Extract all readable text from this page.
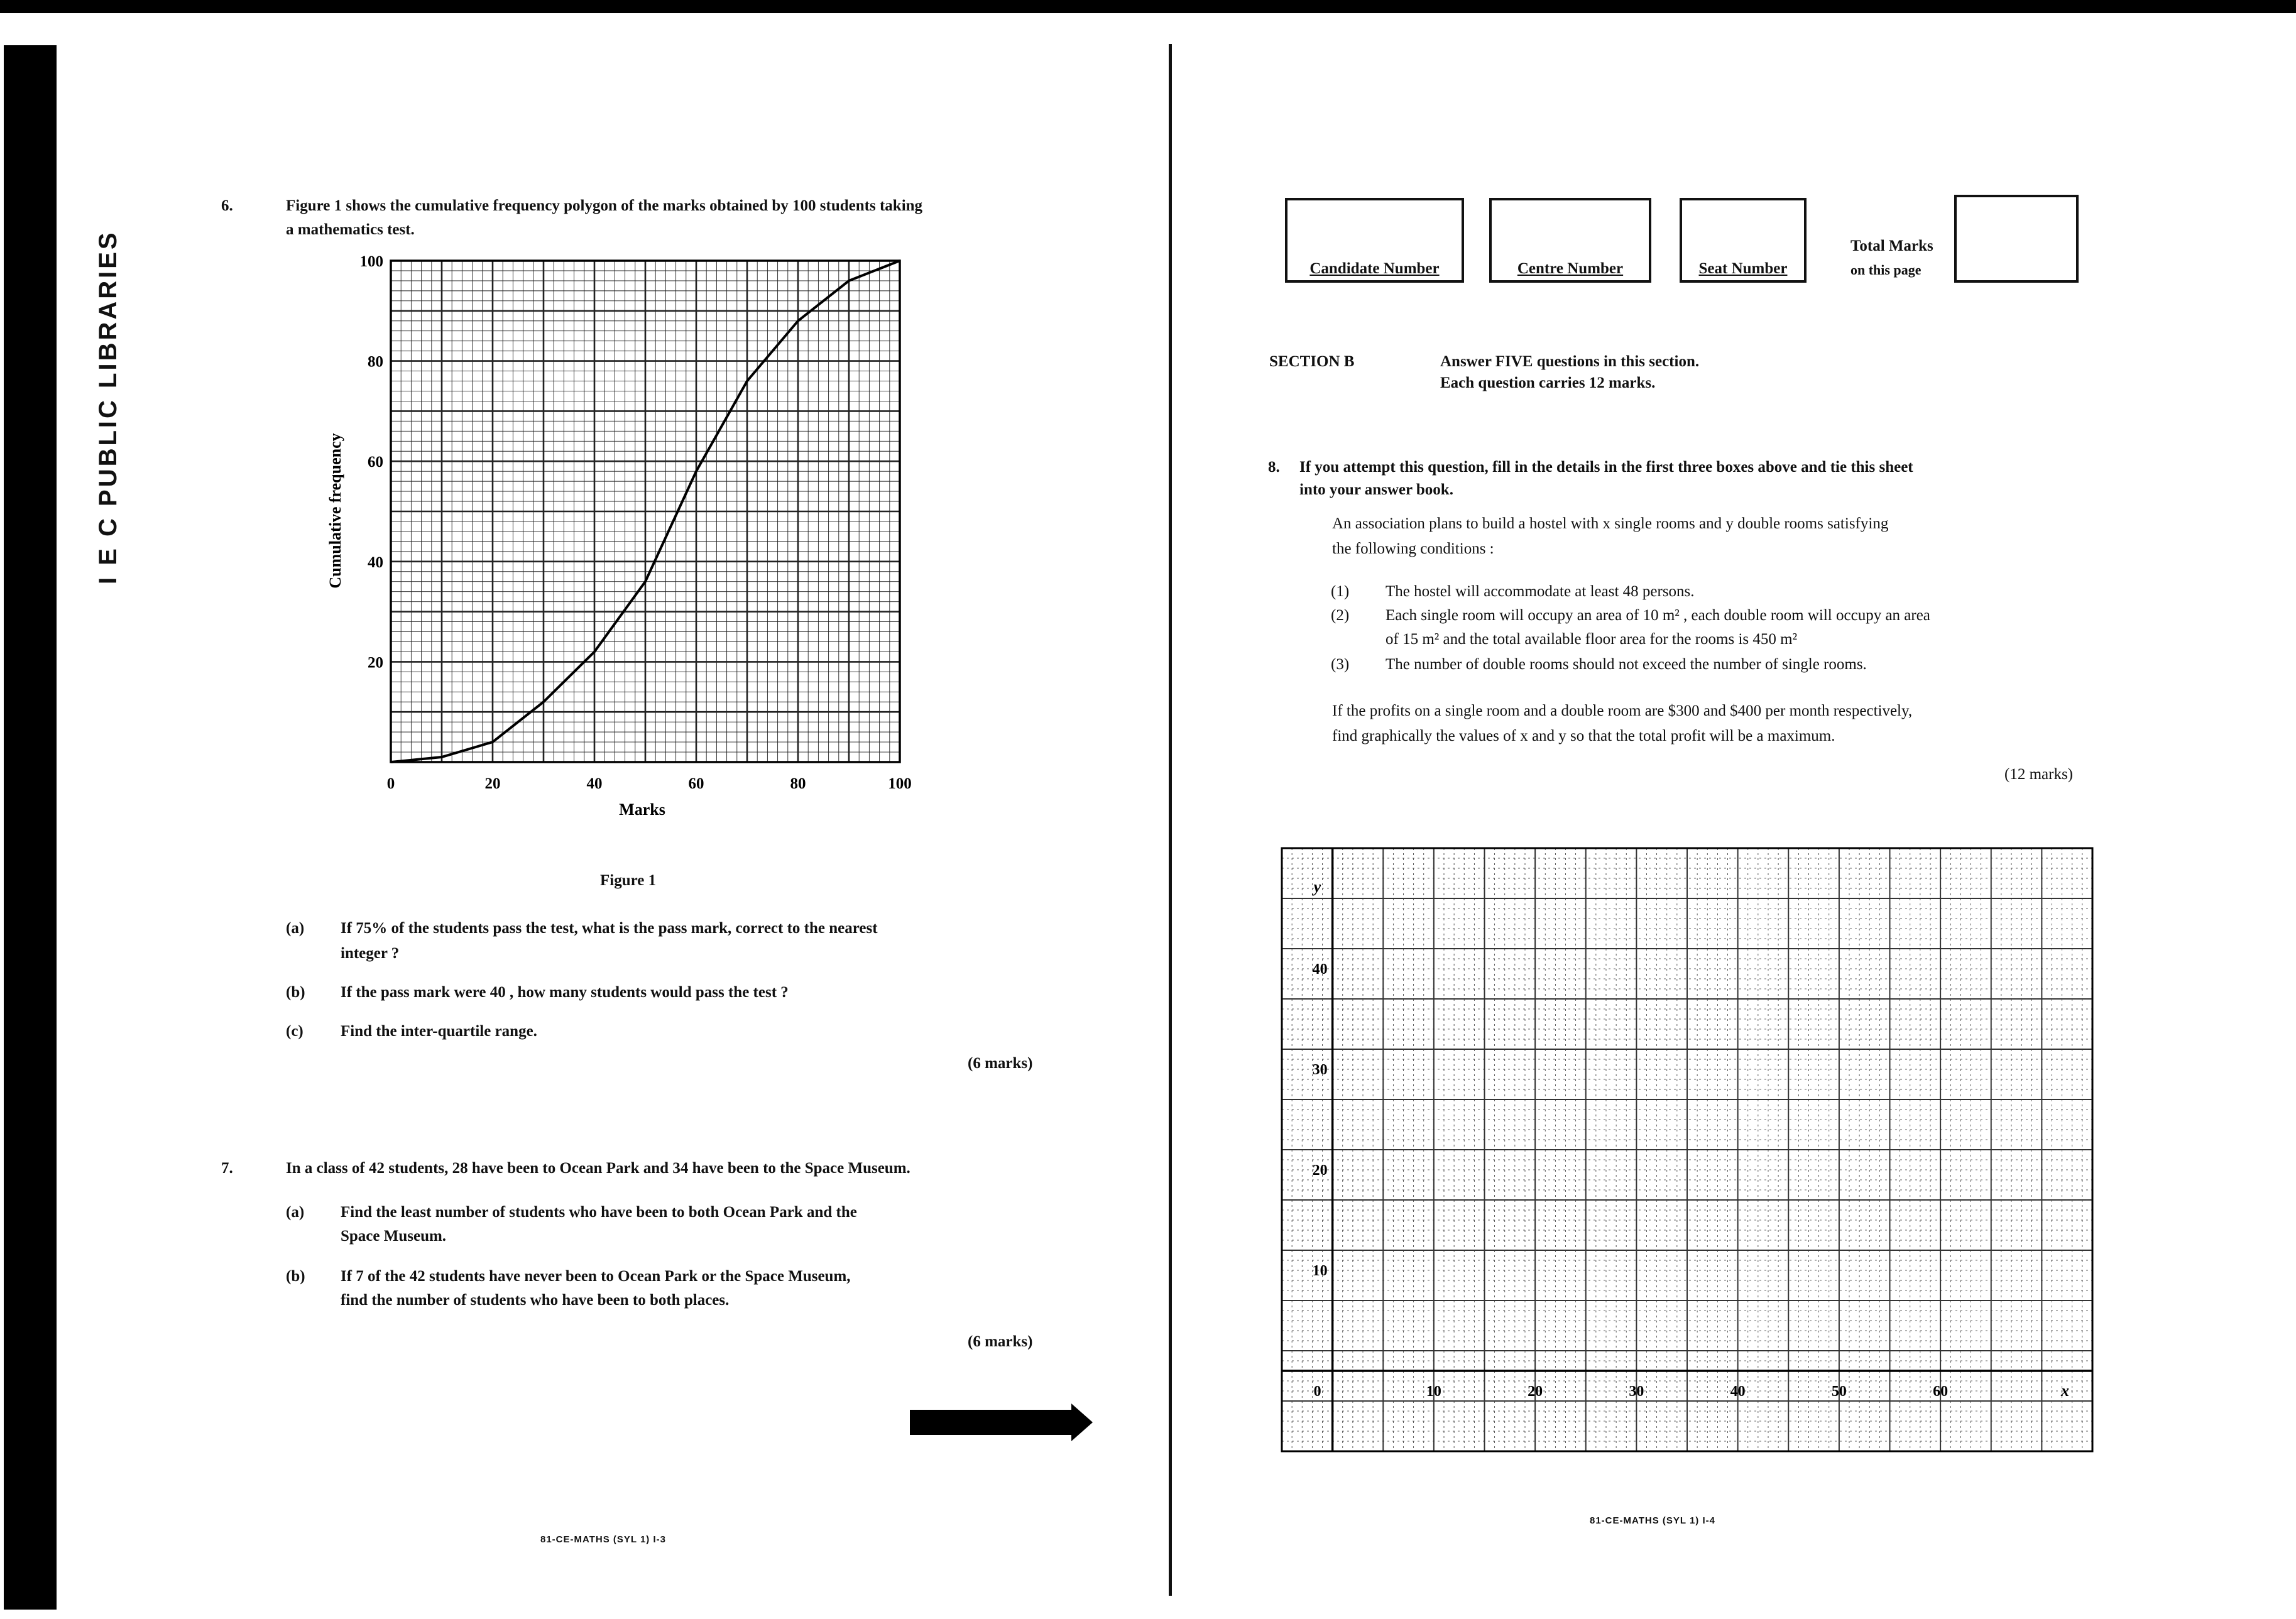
I E C PUBLIC LIBRARIES
6.	Figure 1 shows the cumulative frequency polygon of the marks obtained by 100 students taking
a mathematics test.
0	20	40	60	80	100
20
40
60
80
100
Marks
Cumulative frequency
Figure 1
(a) If 75% of the students pass the test, what is the pass mark, correct to the nearest
integer ?
(b) If the pass mark were 40 , how many students would pass the test ?
(c) Find the inter-quartile range.
(6 marks)
7.	In a class of 42 students, 28 have been to Ocean Park and 34 have been to the Space Museum.
(a) Find the least number of students who have been to both Ocean Park and the
Space Museum.
(b) If 7 of the 42 students have never been to Ocean Park or the Space Museum,
find the number of students who have been to both places.
(6 marks)
81-CE-MATHS (SYL 1) I-3
Candidate Number	Centre Number	Seat Number
Total Marks
on this page
SECTION B	Answer FIVE questions in this section.
Each question carries 12 marks.
8. If you attempt this question, fill in the details in the first three boxes above and tie this sheet
into your answer book.
An association plans to build a hostel with x single rooms and y double rooms satisfying
the following conditions :
(1) The hostel will accommodate at least 48 persons.
(2) Each single room will occupy an area of 10 m² , each double room will occupy an area
of 15 m² and the total available floor area for the rooms is 450 m²
(3) The number of double rooms should not exceed the number of single rooms.
If the profits on a single room and a double room are $300 and $400 per month respectively,
find graphically the values of x and y so that the total profit will be a maximum.
(12 marks)
10	20	30	40	50	60
10
20
30
40
0
y
x
81-CE-MATHS (SYL 1) I-4
